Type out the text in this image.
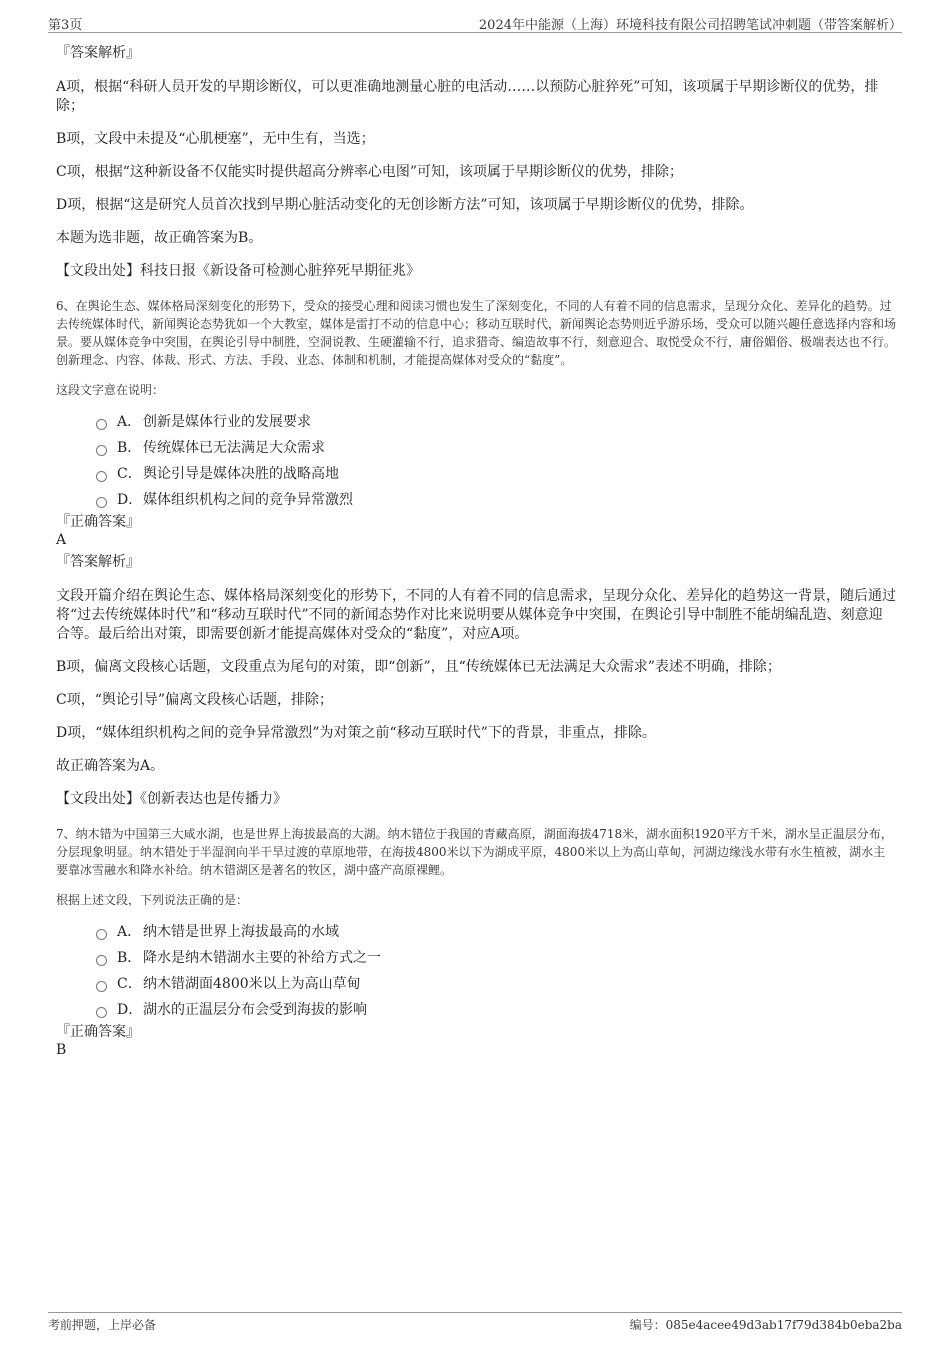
第3页	2024年中能源（上海）环境科技有限公司招聘笔试冲刺题（带答案解析）

『答案解析』

A项，根据“科研人员开发的早期诊断仪，可以更准确地测量心脏的电活动……以预防心脏猝死”可知，该项属于早期诊断仪的优势，排除；

B项，文段中未提及“心肌梗塞”，无中生有，当选；

C项，根据“这种新设备不仅能实时提供超高分辨率心电图”可知，该项属于早期诊断仪的优势，排除；

D项，根据“这是研究人员首次找到早期心脏活动变化的无创诊断方法”可知，该项属于早期诊断仪的优势，排除。

本题为选非题，故正确答案为B。

【文段出处】科技日报《新设备可检测心脏猝死早期征兆》

6、在舆论生态、媒体格局深刻变化的形势下，受众的接受心理和阅读习惯也发生了深刻变化，不同的人有着不同的信息需求，呈现分众化、差异化的趋势。过去传统媒体时代，新闻舆论态势犹如一个大教室，媒体是雷打不动的信息中心；移动互联时代，新闻舆论态势则近乎游乐场，受众可以随兴趣任意选择内容和场景。要从媒体竞争中突围，在舆论引导中制胜，空洞说教、生硬灌输不行，追求猎奇、编造故事不行，刻意迎合、取悦受众不行，庸俗媚俗、极端表达也不行。创新理念、内容、体裁、形式、方法、手段、业态、体制和机制，才能提高媒体对受众的“黏度”。

这段文字意在说明：

A． 创新是媒体行业的发展要求
B． 传统媒体已无法满足大众需求
C． 舆论引导是媒体决胜的战略高地
D． 媒体组织机构之间的竞争异常激烈

『正确答案』

A

『答案解析』

文段开篇介绍在舆论生态、媒体格局深刻变化的形势下，不同的人有着不同的信息需求，呈现分众化、差异化的趋势这一背景，随后通过将“过去传统媒体时代”和“移动互联时代”不同的新闻态势作对比来说明要从媒体竞争中突围，在舆论引导中制胜不能胡编乱造、刻意迎合等。最后给出对策，即需要创新才能提高媒体对受众的“黏度”，对应A项。

B项，偏离文段核心话题，文段重点为尾句的对策，即“创新”，且“传统媒体已无法满足大众需求”表述不明确，排除；

C项，“舆论引导”偏离文段核心话题，排除；

D项，“媒体组织机构之间的竞争异常激烈”为对策之前“移动互联时代”下的背景，非重点，排除。

故正确答案为A。

【文段出处】《创新表达也是传播力》

7、纳木错为中国第三大咸水湖，也是世界上海拔最高的大湖。纳木错位于我国的青藏高原，湖面海拔4718米，湖水面积1920平方千米，湖水呈正温层分布，分层现象明显。纳木错处于半湿润向半干旱过渡的草原地带，在海拔4800米以下为湖成平原，4800米以上为高山草甸，河湖边缘浅水带有水生植被，湖水主要靠冰雪融水和降水补给。纳木错湖区是著名的牧区，湖中盛产高原裸鲤。

根据上述文段，下列说法正确的是：

A． 纳木错是世界上海拔最高的水域
B． 降水是纳木错湖水主要的补给方式之一
C． 纳木错湖面4800米以上为高山草甸
D． 湖水的正温层分布会受到海拔的影响

『正确答案』

B

考前押题，上岸必备	编号：085e4acee49d3ab17f79d384b0eba2ba
